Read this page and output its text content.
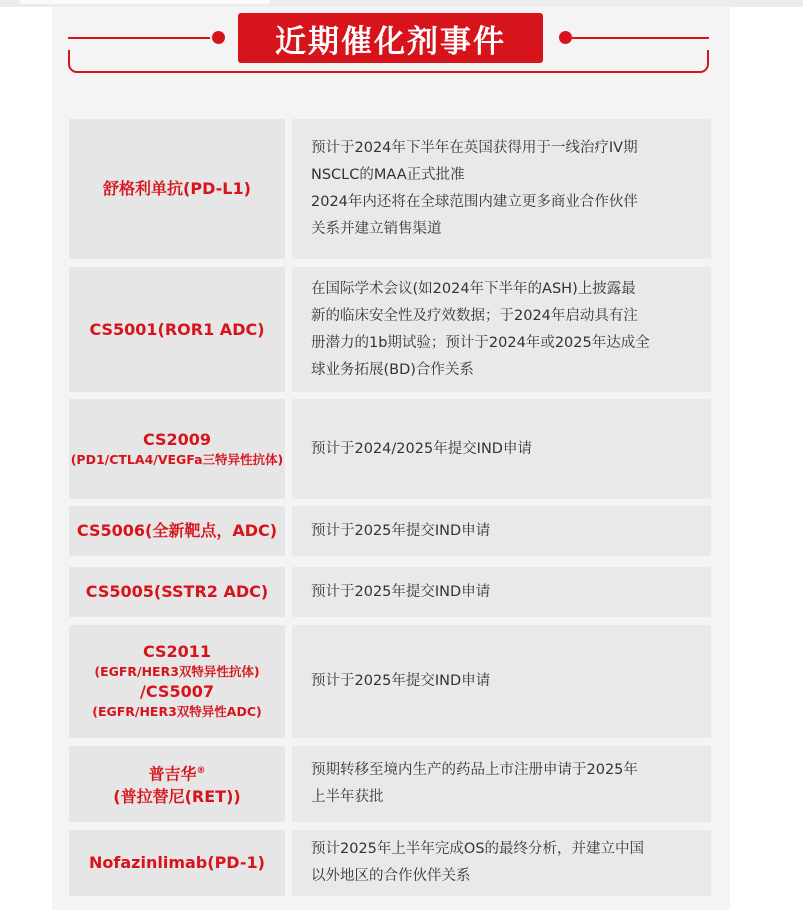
近期催化剂事件
舒格利单抗(PD-L1)
预计于2024年下半年在英国获得用于一线治疗IV期
NSCLC的MAA正式批准
2024年内还将在全球范围内建立更多商业合作伙伴
关系并建立销售渠道
CS5001(ROR1 ADC)
在国际学术会议(如2024年下半年的ASH)上披露最
新的临床安全性及疗效数据；于2024年启动具有注
册潜力的1b期试验；预计于2024年或2025年达成全
球业务拓展(BD)合作关系
CS2009
(PD1/CTLA4/VEGFa三特异性抗体)
预计于2024/2025年提交IND申请
CS5006(全新靶点，ADC) 预计于2025年提交IND申请
CS5005(SSTR2 ADC)	预计于2025年提交IND申请
CS2011
(EGFR/HER3双特异性抗体)
/CS5007
(EGFR/HER3双特异性ADC)
预计于2025年提交IND申请
普吉华®
(普拉替尼(RET))
预期转移至境内生产的药品上市注册申请于2025年
上半年获批
Nofazinlimab(PD-1)
预计2025年上半年完成OS的最终分析，并建立中国
以外地区的合作伙伴关系
